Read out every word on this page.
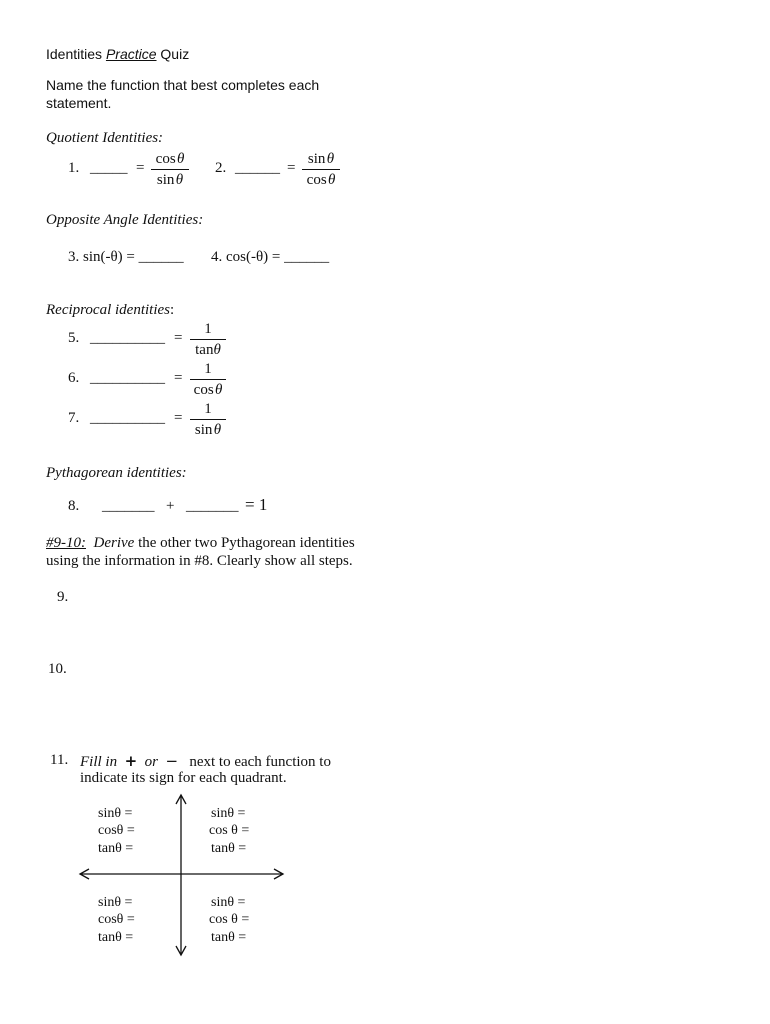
Identities Practice Quiz
Name the function that best completes each
statement.
Quotient Identities:
1. _____ =
cos θ
sin θ
2. ______ =
sin θ
cos θ
Opposite Angle Identities:
3. sin(-θ) = ______ 4. cos(-θ) = ______
Reciprocal identities:
5. __________ =
1
tanθ
6. __________ =
1
cos θ
7. __________ =
1
sin θ
Pythagorean identities:
8. _______ + _______ = 1
#9-10: Derive the other two Pythagorean identities
using the information in #8. Clearly show all steps.
9.
10.
11. Fill in + or − next to each function to
indicate its sign for each quadrant.
sinθ =
cosθ =
tanθ =
sinθ =
cos θ =
tanθ =
sinθ =
cosθ =
tanθ =
sinθ =
cos θ =
tanθ =
